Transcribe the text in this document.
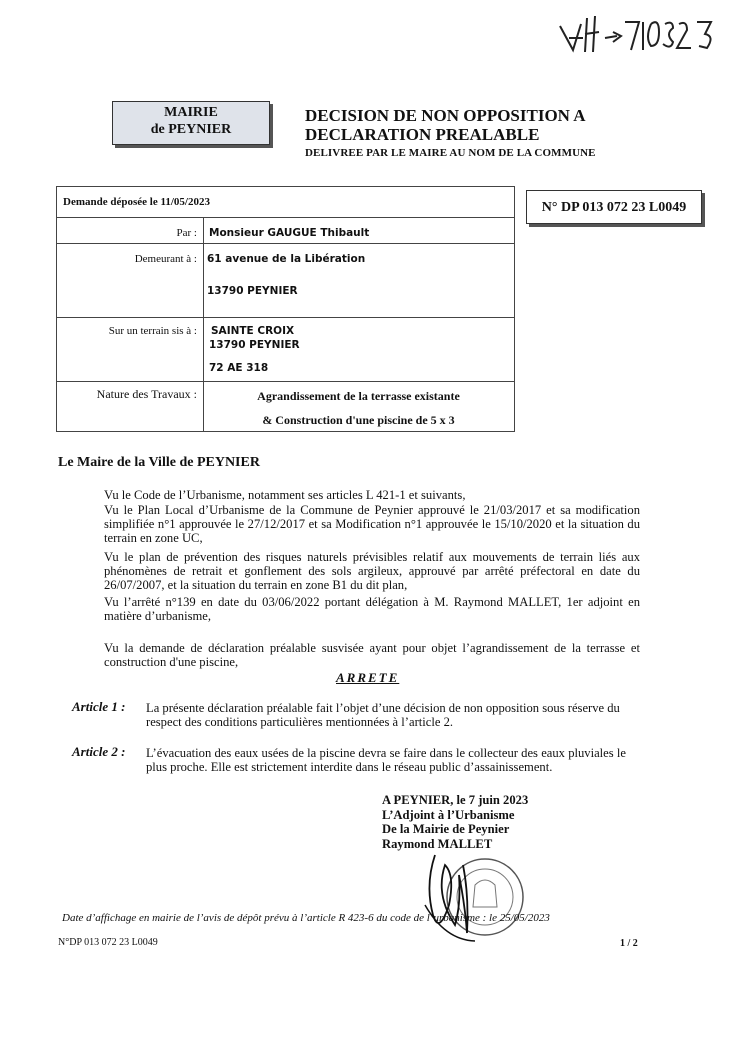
MAIRIE
de PEYNIER
DECISION DE NON OPPOSITION A
DECLARATION PREALABLE
DELIVREE PAR LE MAIRE AU NOM DE LA COMMUNE
N° DP 013 072 23 L0049
Demande déposée le 11/05/2023
Par : Monsieur GAUGUE Thibault
Demeurant à : 61 avenue de la Libération
13790 PEYNIER
Sur un terrain sis à : SAINTE CROIX
13790 PEYNIER
72 AE 318
Nature des Travaux :	Agrandissement de la terrasse existante
& Construction d'une piscine de 5 x 3
Le Maire de la Ville de PEYNIER

Vu le Code de l’Urbanisme, notamment ses articles L 421-1 et suivants,

Vu le Plan Local d’Urbanisme de la Commune de Peynier approuvé le 21/03/2017 et sa modification simplifiée n°1 approuvée le 27/12/2017 et sa Modification n°1 approuvée le 15/10/2020 et la situation du terrain en zone UC,

Vu le plan de prévention des risques naturels prévisibles relatif aux mouvements de terrain liés aux phénomènes de retrait et gonflement des sols argileux, approuvé par arrêté préfectoral en date du 26/07/2007, et la situation du terrain en zone B1 du dit plan,

Vu l’arrêté n°139 en date du 03/06/2022 portant délégation à M. Raymond MALLET, 1er adjoint en matière d’urbanisme,

Vu la demande de déclaration préalable susvisée ayant pour objet l’agrandissement de la terrasse et construction d'une piscine,

ARRETE
Article 1 : La présente déclaration préalable fait l’objet d’une décision de non opposition sous réserve du respect des conditions particulières mentionnées à l’article 2.
Article 2 : L’évacuation des eaux usées de la piscine devra se faire dans le collecteur des eaux pluviales le plus proche. Elle est strictement interdite dans le réseau public d’assainissement.
A PEYNIER, le 7 juin 2023
L’Adjoint à l’Urbanisme
De la Mairie de Peynier
Raymond MALLET
Date d’affichage en mairie de l’avis de dépôt prévu à l’article R 423-6 du code de l’urbanisme : le 25/05/2023
N°DP 013 072 23 L0049	1 / 2
